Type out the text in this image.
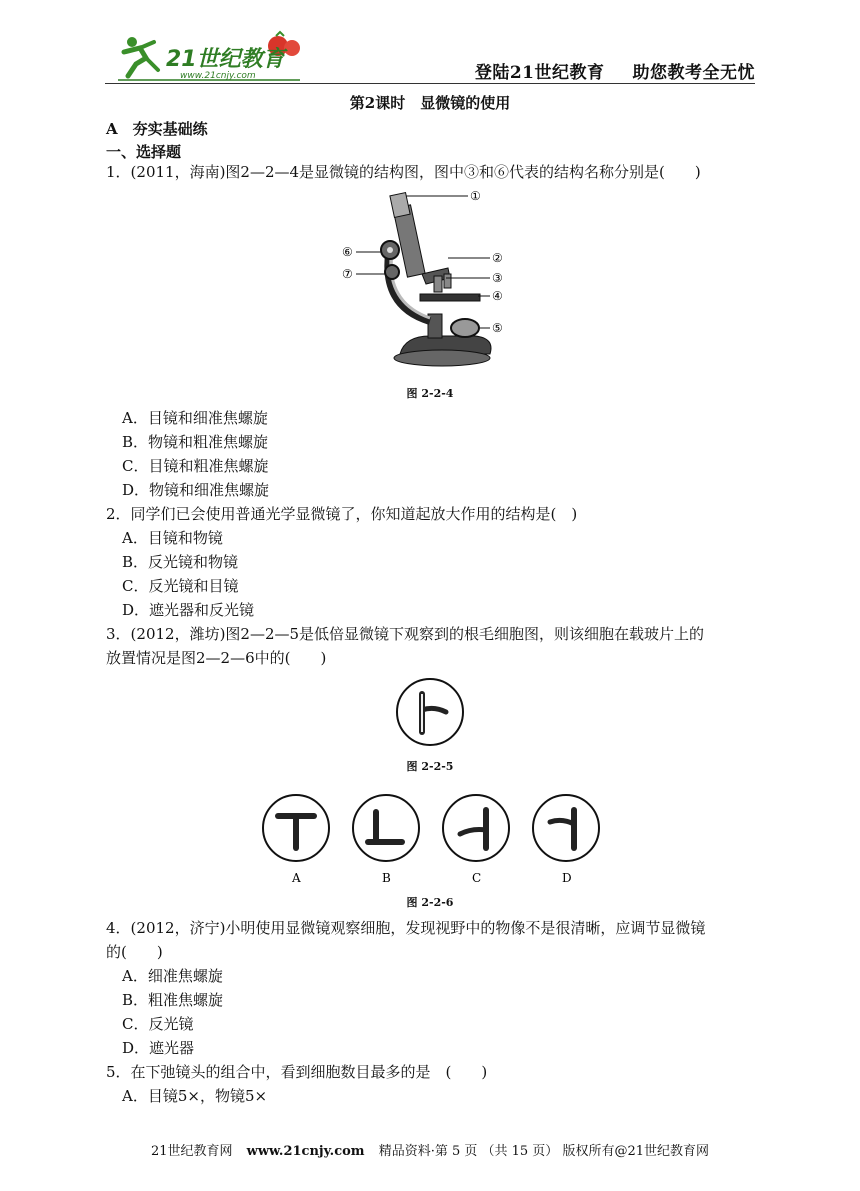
21世纪教育
www.21cnjy.com	登陆21世纪教育 助您教考全无忧
第2课时　显微镜的使用
A　夯实基础练
一、选择题
1．(2011，海南)图2—2—4是显微镜的结构图，图中③和⑥代表的结构名称分别是(　　)
①
②
③
④
⑤
⑥
⑦
图 2-2-4
A．目镜和细准焦螺旋
B．物镜和粗准焦螺旋
C．目镜和粗准焦螺旋
D．物镜和细准焦螺旋
2．同学们已会使用普通光学显微镜了，你知道起放大作用的结构是(　)
A．目镜和物镜
B．反光镜和物镜
C．反光镜和目镜
D．遮光器和反光镜
3．(2012，潍坊)图2—2—5是低倍显微镜下观察到的根毛细胞图，则该细胞在载玻片上的
放置情况是图2—2—6中的(　　)
图 2-2-5
A	B	C	D
图 2-2-6
4．(2012，济宁)小明使用显微镜观察细胞，发现视野中的物像不是很清晰，应调节显微镜
的(　　)
A．细准焦螺旋
B．粗准焦螺旋
C．反光镜
D．遮光器
5．在下弛镜头的组合中，看到细胞数目最多的是　(　　)
A．目镜5×，物镜5×
21世纪教育网 www.21cnjy.com 精品资料·第 5 页 （共 15 页） 版权所有@21世纪教育网
